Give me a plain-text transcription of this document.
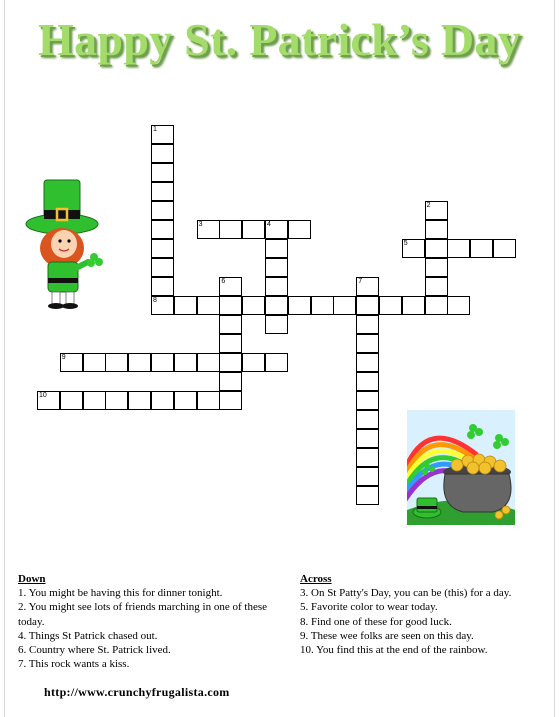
Happy St. Patrick’s Day
1
2
3	4
5
6	7
8
9
10
Down

1. You might be having this for dinner tonight.

2. You might see lots of friends marching in one of these today.

4. Things St Patrick chased out.

6. Country where St. Patrick lived.

7. This rock wants a kiss.

Across

3. On St Patty's Day, you can be (this) for a day.

5. Favorite color to wear today.

8. Find one of these for good luck.

9. These wee folks are seen on this day.

10. You find this at the end of the rainbow.

http://www.crunchyfrugalista.com
